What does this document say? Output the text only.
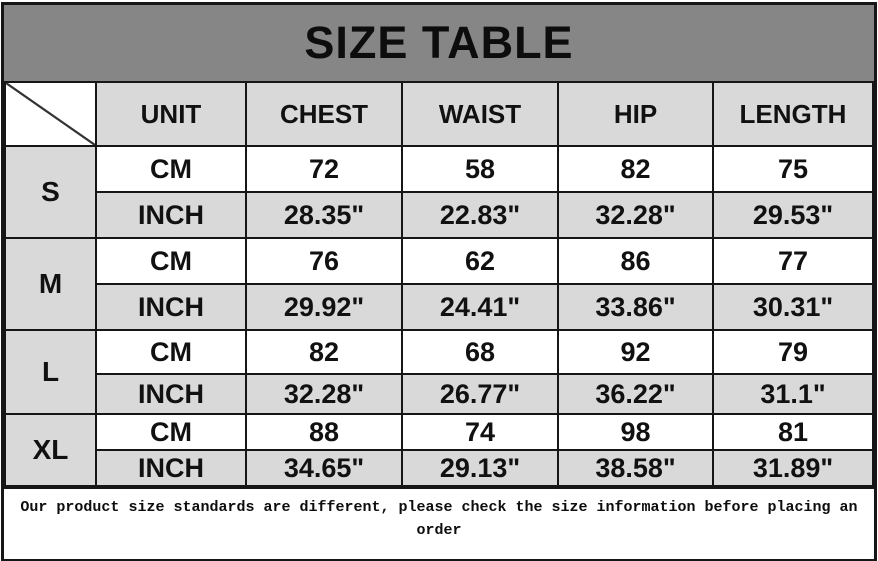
SIZE TABLE
	UNIT	CHEST	WAIST	HIP	LENGTH
S	CM	72	58	82	75
	INCH	28.35"	22.83"	32.28"	29.53"
M	CM	76	62	86	77
	INCH	29.92"	24.41"	33.86"	30.31"
L	CM	82	68	92	79
	INCH	32.28"	26.77"	36.22"	31.1"
XL	CM	88	74	98	81
	INCH	34.65"	29.13"	38.58"	31.89"
Our product size standards are different, please check the size information before placing an order
